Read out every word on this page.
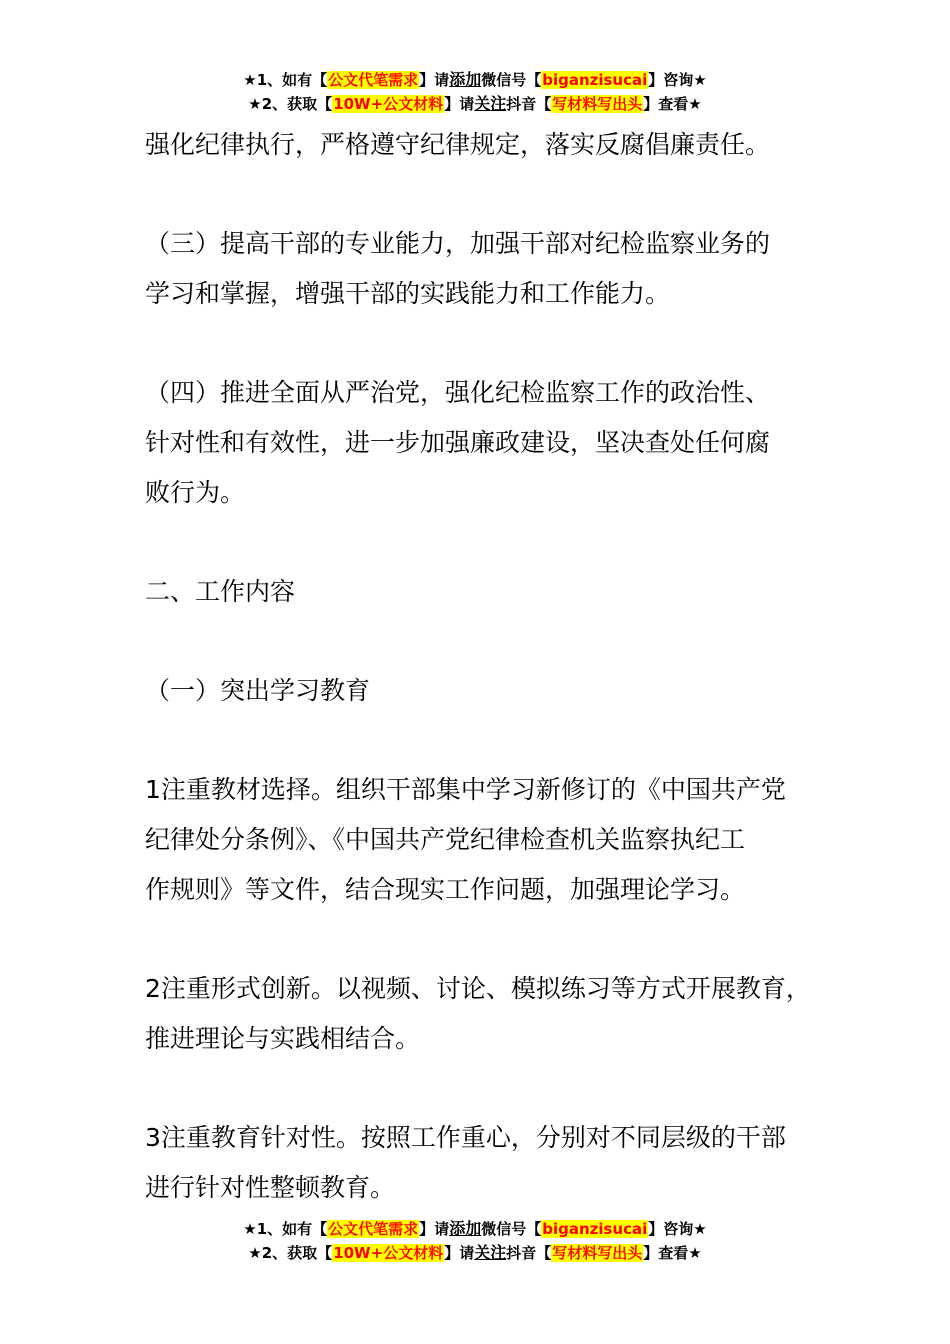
★1、如有【公文代笔需求】请添加微信号【biganzisucai】咨询★
★2、获取【10W+公文材料】请关注抖音【写材料写出头】查看★
强化纪律执行，严格遵守纪律规定，落实反腐倡廉责任。
（三）提高干部的专业能力，加强干部对纪检监察业务的
学习和掌握，增强干部的实践能力和工作能力。
（四）推进全面从严治党，强化纪检监察工作的政治性、
针对性和有效性，进一步加强廉政建设，坚决查处任何腐
败行为。
二、工作内容
（一）突出学习教育
1注重教材选择。组织干部集中学习新修订的《中国共产党
纪律处分条例》、《中国共产党纪律检查机关监察执纪工
作规则》等文件，结合现实工作问题，加强理论学习。
2注重形式创新。以视频、讨论、模拟练习等方式开展教育，
推进理论与实践相结合。
3注重教育针对性。按照工作重心，分别对不同层级的干部
进行针对性整顿教育。
★1、如有【公文代笔需求】请添加微信号【biganzisucai】咨询★
★2、获取【10W+公文材料】请关注抖音【写材料写出头】查看★
